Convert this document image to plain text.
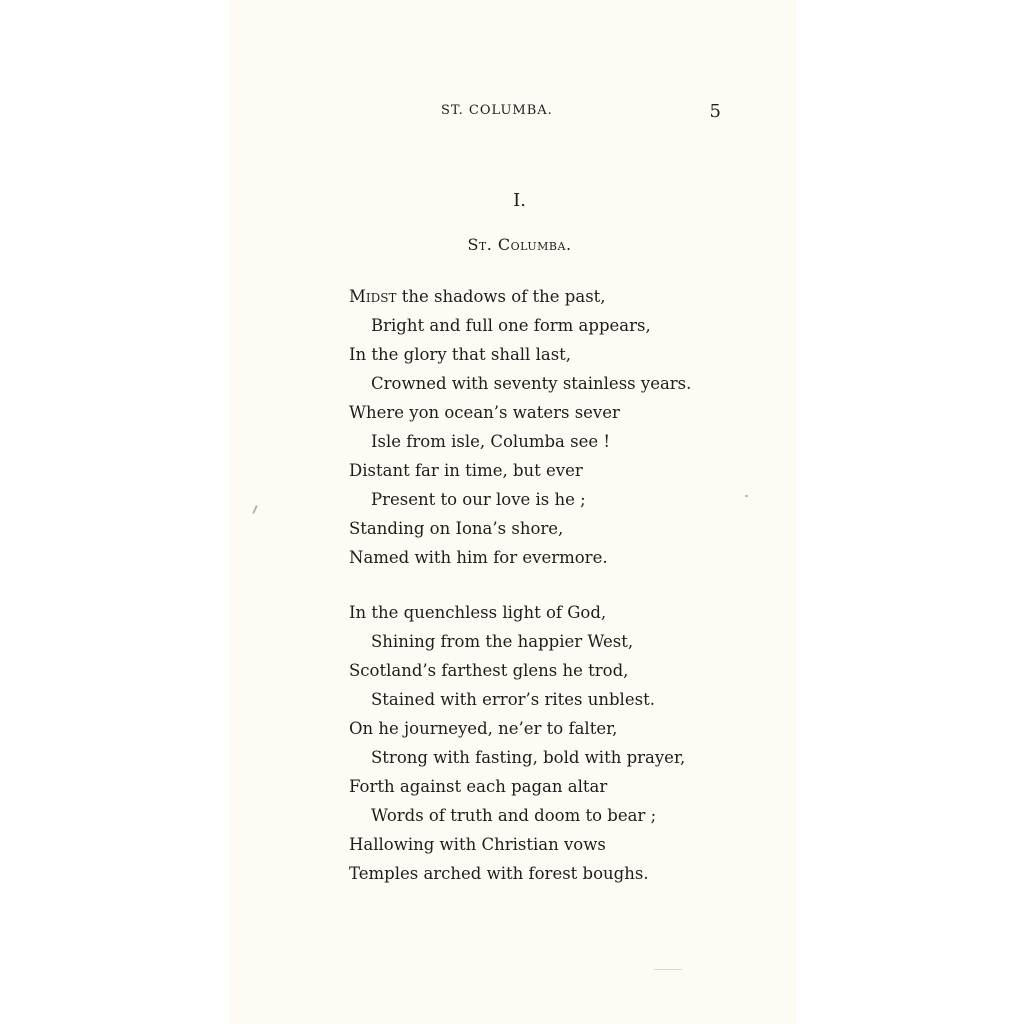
ST. COLUMBA.	5
I.
St. Columba.
Midst the shadows of the past,
Bright and full one form appears,
In the glory that shall last,
Crowned with seventy stainless years.
Where yon ocean’s waters sever
Isle from isle, Columba see !
Distant far in time, but ever
Present to our love is he ;
Standing on Iona’s shore,
Named with him for evermore.
In the quenchless light of God,
Shining from the happier West,
Scotland’s farthest glens he trod,
Stained with error’s rites unblest.
On he journeyed, ne’er to falter,
Strong with fasting, bold with prayer,
Forth against each pagan altar
Words of truth and doom to bear ;
Hallowing with Christian vows
Temples arched with forest boughs.
